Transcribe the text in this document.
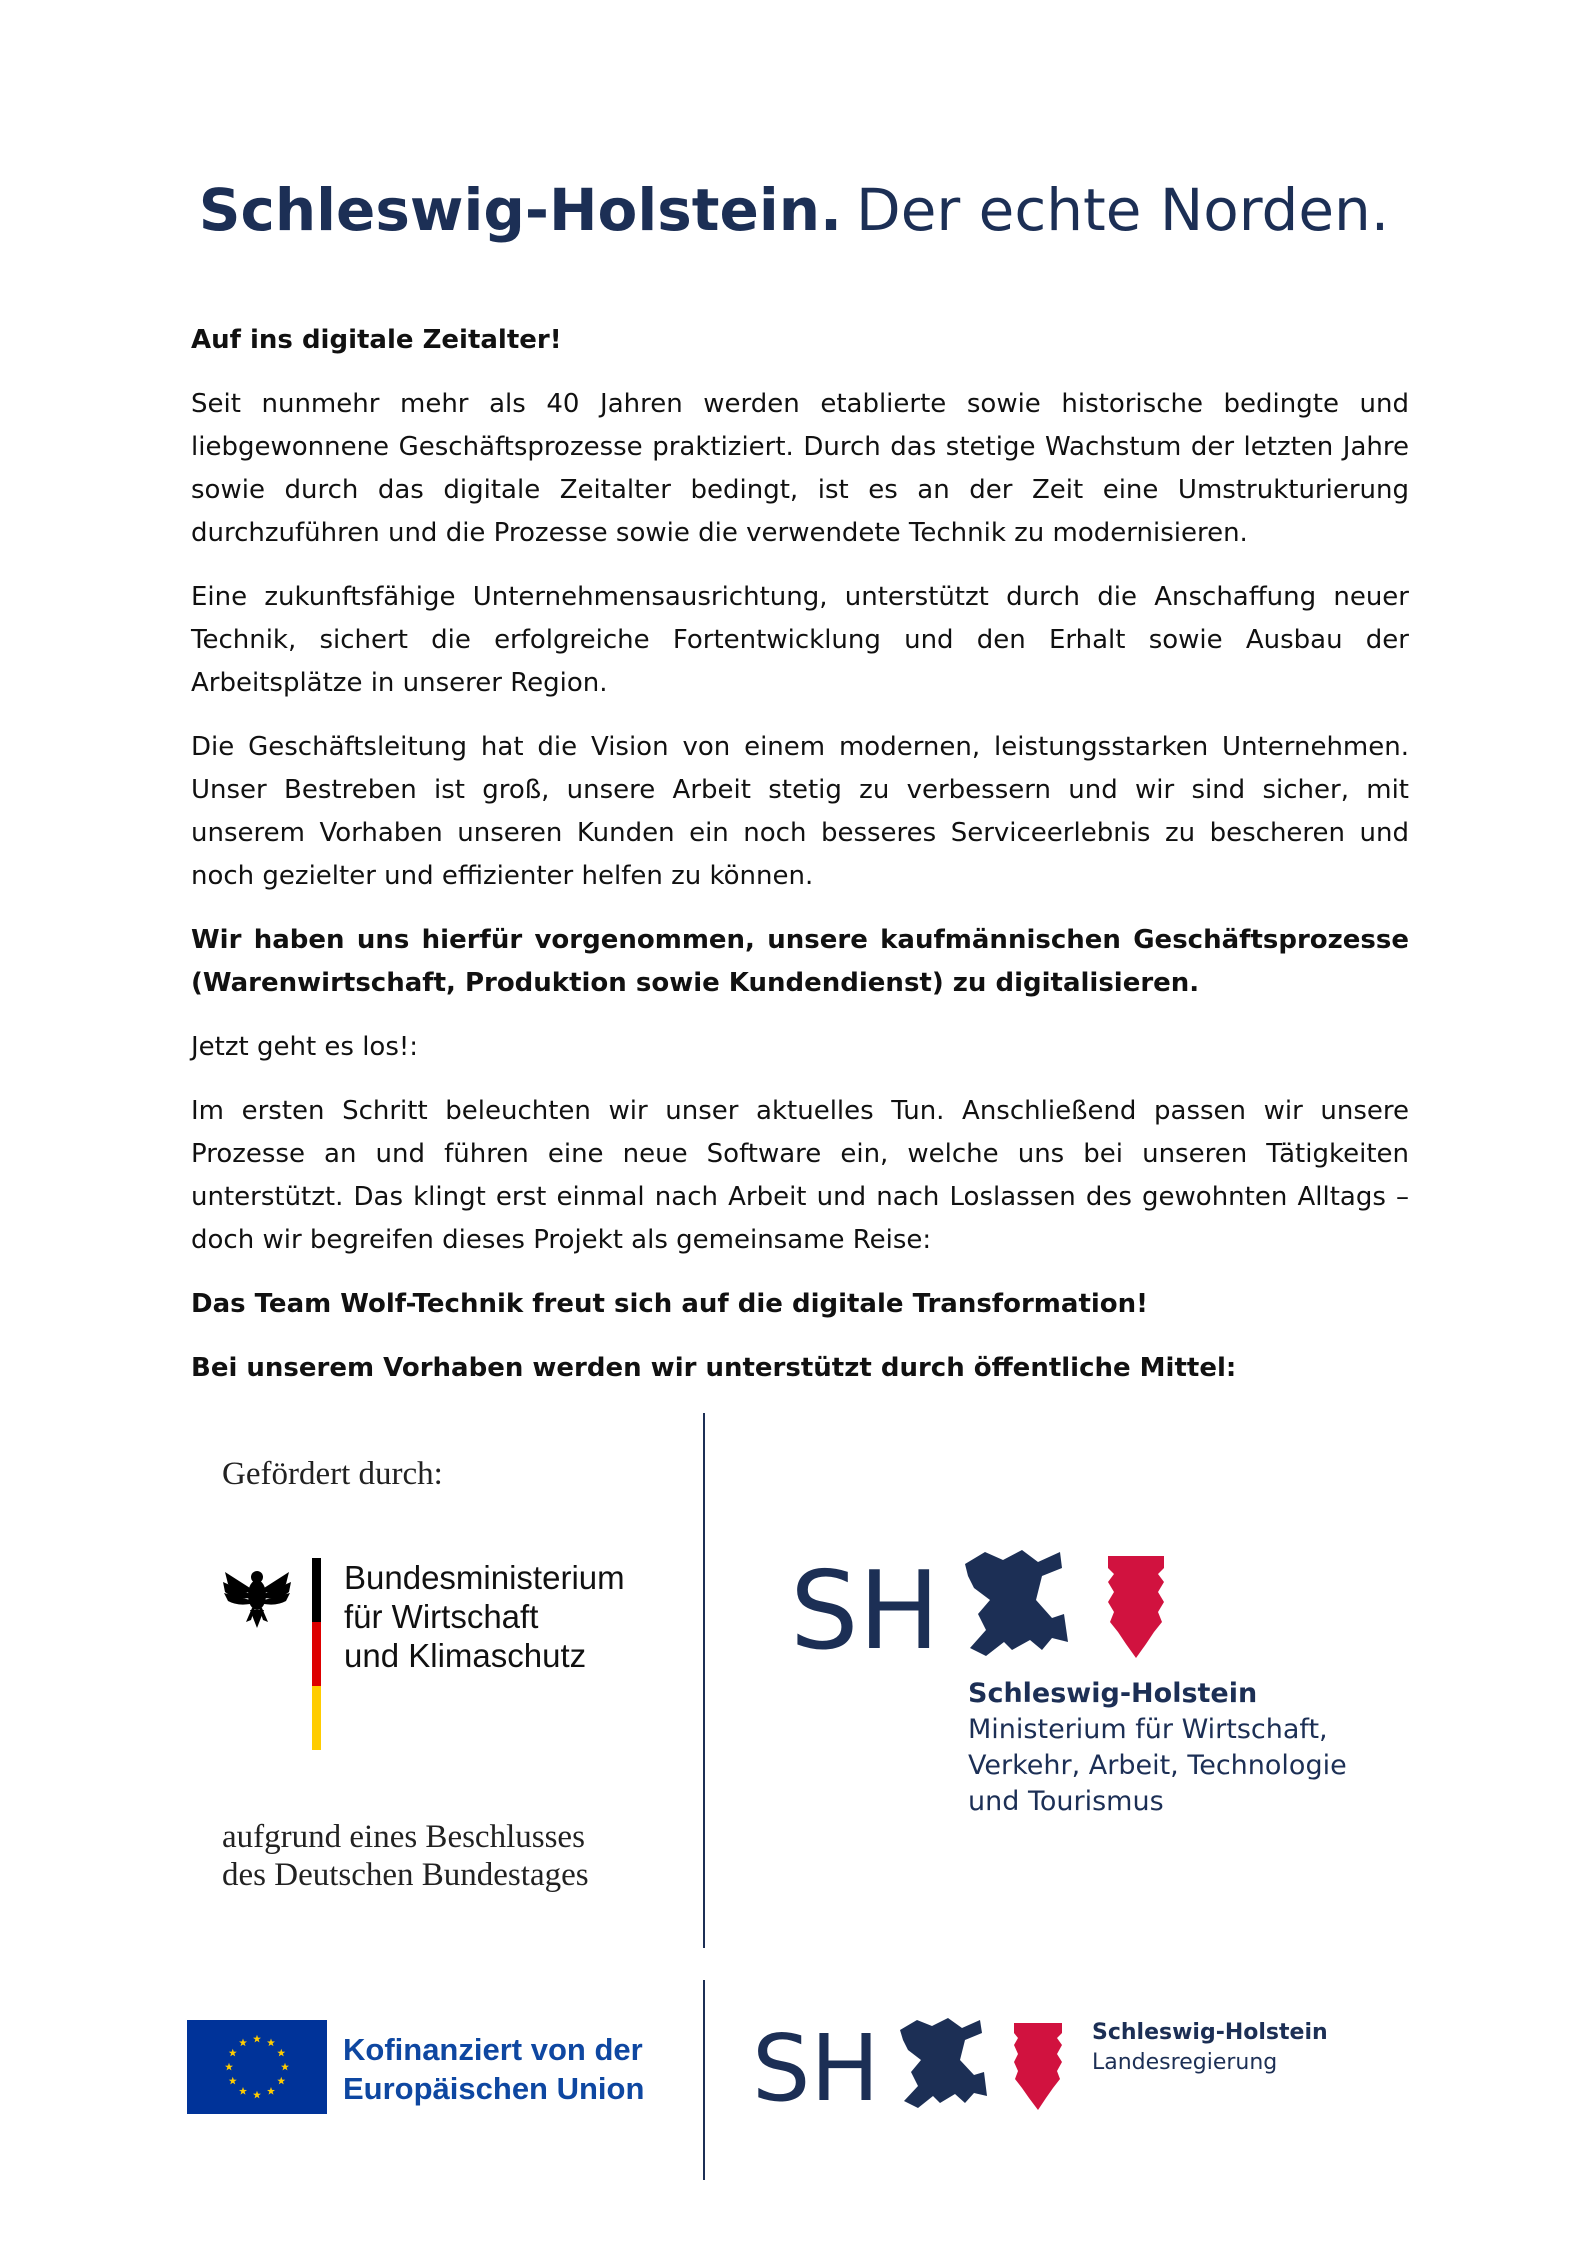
Schleswig-Holstein. Der echte Norden.

Auf ins digitale Zeitalter!

Seit nunmehr mehr als 40 Jahren werden etablierte sowie historische bedingte und liebgewonnene Geschäftsprozesse praktiziert. Durch das stetige Wachstum der letzten Jahre sowie durch das digitale Zeitalter bedingt, ist es an der Zeit eine Umstrukturierung durchzuführen und die Prozesse sowie die verwendete Technik zu modernisieren.

Eine zukunftsfähige Unternehmensausrichtung, unterstützt durch die Anschaffung neuer Technik, sichert die erfolgreiche Fortentwicklung und den Erhalt sowie Ausbau der Arbeitsplätze in unserer Region.

Die Geschäftsleitung hat die Vision von einem modernen, leistungsstarken Unternehmen. Unser Bestreben ist groß, unsere Arbeit stetig zu verbessern und wir sind sicher, mit unserem Vorhaben unseren Kunden ein noch besseres Serviceerlebnis zu bescheren und noch gezielter und effizienter helfen zu können.

Wir haben uns hierfür vorgenommen, unsere kaufmännischen Geschäftsprozesse (Warenwirtschaft, Produktion sowie Kundendienst) zu digitalisieren.

Jetzt geht es los!:

Im ersten Schritt beleuchten wir unser aktuelles Tun. Anschließend passen wir unsere Prozesse an und führen eine neue Software ein, welche uns bei unseren Tätigkeiten unterstützt. Das klingt erst einmal nach Arbeit und nach Loslassen des gewohnten Alltags – doch wir begreifen dieses Projekt als gemeinsame Reise:

Das Team Wolf-Technik freut sich auf die digitale Transformation!

Bei unserem Vorhaben werden wir unterstützt durch öffentliche Mittel:

Gefördert durch:
Bundesministerium
für Wirtschaft
und Klimaschutz
aufgrund eines Beschlusses
des Deutschen Bundestages
SH
Schleswig-Holstein
Ministerium für Wirtschaft,
Verkehr, Arbeit, Technologie
und Tourismus
Kofinanziert von der
Europäischen Union SH	Schleswig-Holstein
Landesregierung
